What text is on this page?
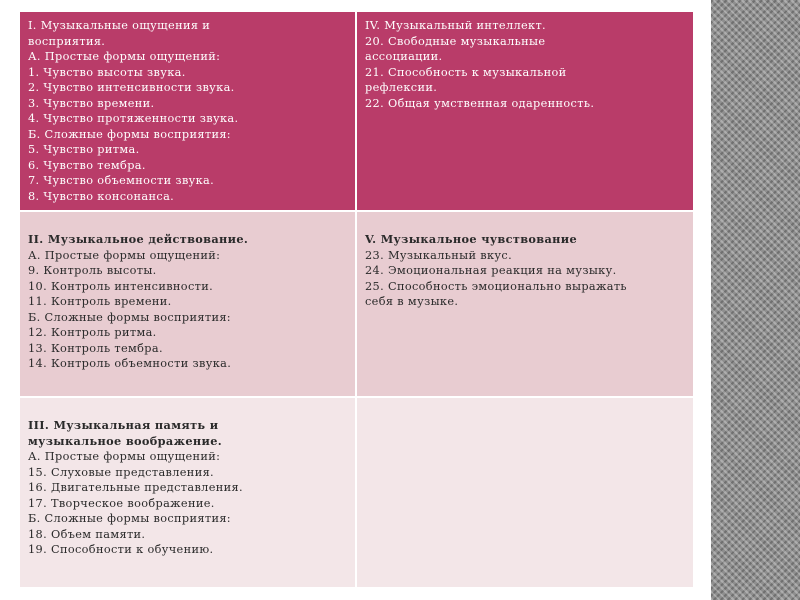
I. Музыкальные ощущения и
восприятия.
А. Простые формы ощущений:
1. Чувство высоты звука.
2. Чувство интенсивности звука.
3. Чувство времени.
4. Чувство протяженности звука.
Б. Сложные формы восприятия:
5. Чувство ритма.
6. Чувство тембра.
7. Чувство объемности звука.
8. Чувство консонанса.
IV. Музыкальный интеллект.
20. Свободные музыкальные
ассоциации.
21. Способность к музыкальной
рефлексии.
22. Общая умственная одаренность.
II. Музыкальное действование.
А. Простые формы ощущений:
9. Контроль высоты.
10. Контроль интенсивности.
11. Контроль времени.
Б. Сложные формы восприятия:
12. Контроль ритма.
13. Контроль тембра.
14. Контроль объемности звука.
V. Музыкальное чувствование
23. Музыкальный вкус.
24. Эмоциональная реакция на музыку.
25. Способность эмоционально выражать
себя в музыке.
III. Музыкальная память и
музыкальное воображение.
А. Простые формы ощущений:
15. Слуховые представления.
16. Двигательные представления.
17. Творческое воображение.
Б. Сложные формы восприятия:
18. Объем памяти.
19. Способности к обучению.
